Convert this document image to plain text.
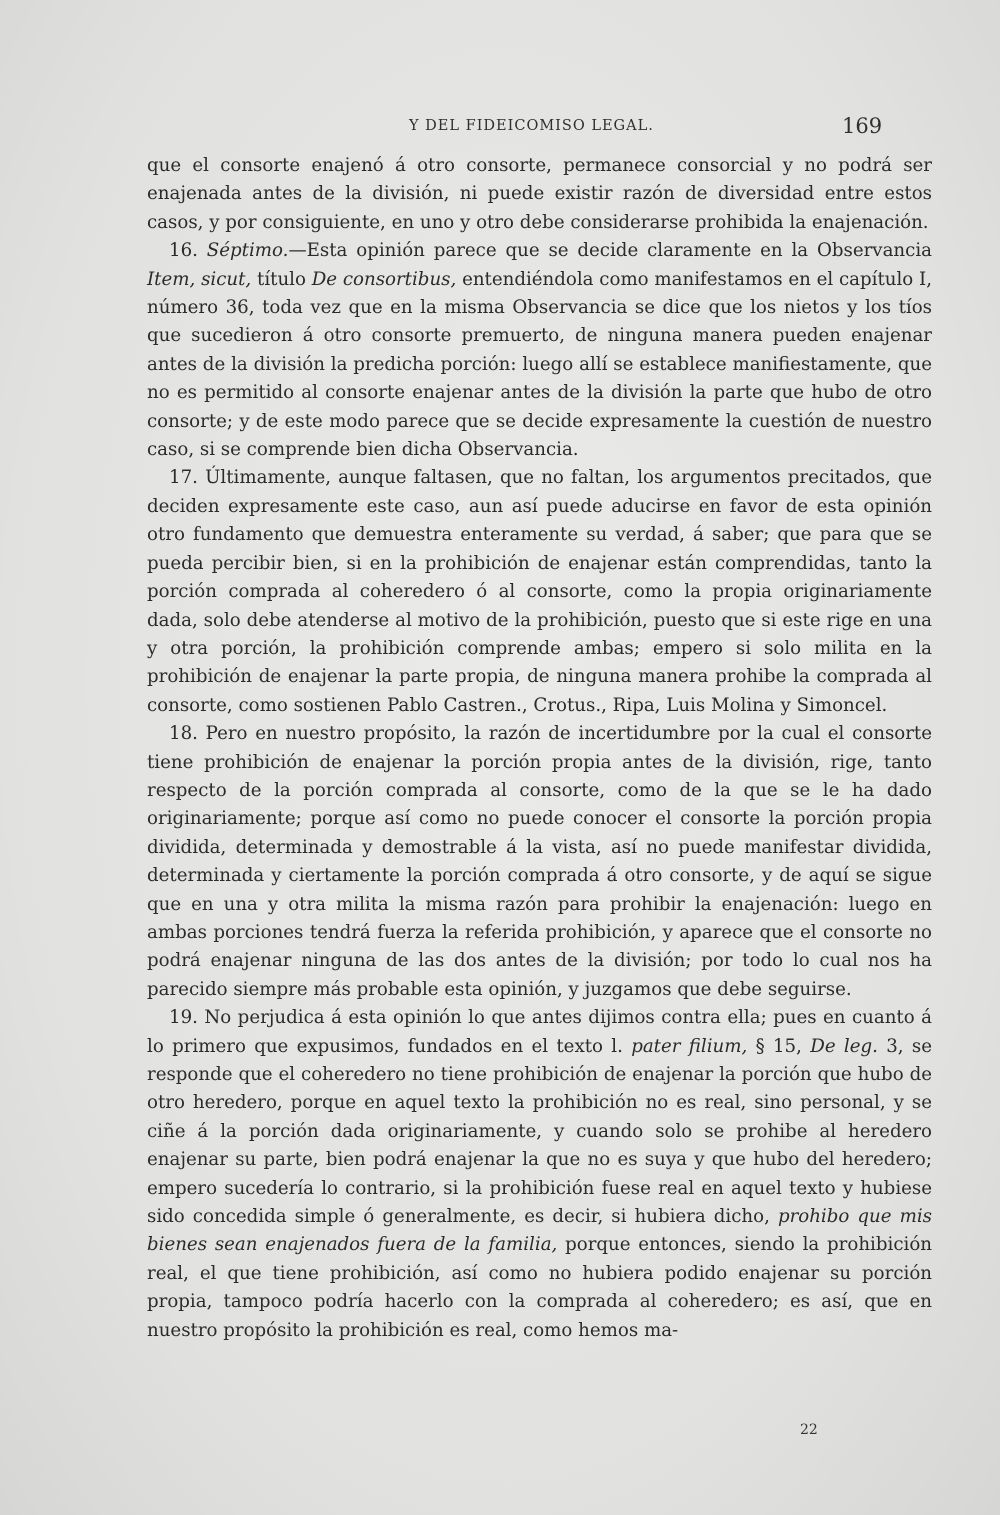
Y DEL FIDEICOMISO LEGAL.	169

que el consorte enajenó á otro consorte, permanece consorcial y no podrá ser enajenada antes de la división, ni puede existir razón de diversidad entre estos casos, y por consiguiente, en uno y otro debe considerarse prohibida la enajenación.

16. Séptimo.—Esta opinión parece que se decide claramente en la Observancia Item, sicut, título De consortibus, entendiéndola como manifestamos en el capítulo I, número 36, toda vez que en la misma Observancia se dice que los nietos y los tíos que sucedieron á otro consorte premuerto, de ninguna manera pueden enajenar antes de la división la predicha porción: luego allí se establece manifiestamente, que no es permitido al consorte enajenar antes de la división la parte que hubo de otro consorte; y de este modo parece que se decide expresamente la cuestión de nuestro caso, si se comprende bien dicha Observancia.

17. Últimamente, aunque faltasen, que no faltan, los argumentos precitados, que deciden expresamente este caso, aun así puede aducirse en favor de esta opinión otro fundamento que demuestra enteramente su verdad, á saber; que para que se pueda percibir bien, si en la prohibición de enajenar están comprendidas, tanto la porción comprada al coheredero ó al consorte, como la propia originariamente dada, solo debe atenderse al motivo de la prohibición, puesto que si este rige en una y otra porción, la prohibición comprende ambas; empero si solo milita en la prohibición de enajenar la parte propia, de ninguna manera prohibe la comprada al consorte, como sostienen Pablo Castren., Crotus., Ripa, Luis Molina y Simoncel.

18. Pero en nuestro propósito, la razón de incertidumbre por la cual el consorte tiene prohibición de enajenar la porción propia antes de la división, rige, tanto respecto de la porción comprada al consorte, como de la que se le ha dado originariamente; porque así como no puede conocer el consorte la porción propia dividida, determinada y demostrable á la vista, así no puede manifestar dividida, determinada y ciertamente la porción comprada á otro consorte, y de aquí se sigue que en una y otra milita la misma razón para prohibir la enajenación: luego en ambas porciones tendrá fuerza la referida prohibición, y aparece que el consorte no podrá enajenar ninguna de las dos antes de la división; por todo lo cual nos ha parecido siempre más probable esta opinión, y juzgamos que debe seguirse.

19. No perjudica á esta opinión lo que antes dijimos contra ella; pues en cuanto á lo primero que expusimos, fundados en el texto l. pater filium, § 15, De leg. 3, se responde que el coheredero no tiene prohibición de enajenar la porción que hubo de otro heredero, porque en aquel texto la prohibición no es real, sino personal, y se ciñe á la porción dada originariamente, y cuando solo se prohibe al heredero enajenar su parte, bien podrá enajenar la que no es suya y que hubo del heredero; empero sucedería lo contrario, si la prohibición fuese real en aquel texto y hubiese sido concedida simple ó generalmente, es decir, si hubiera dicho, prohibo que mis bienes sean enajenados fuera de la familia, porque entonces, siendo la prohibición real, el que tiene prohibición, así como no hubiera podido enajenar su porción propia, tampoco podría hacerlo con la comprada al coheredero; es así, que en nuestro propósito la prohibición es real, como hemos ma-

22
